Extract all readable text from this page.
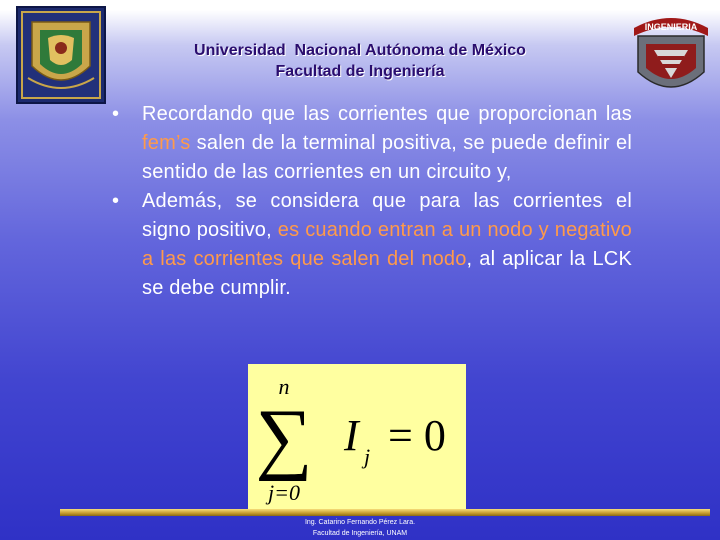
INGENIERIA
Universidad  Nacional Autónoma de México
Facultad de Ingeniería
•	Recordando que las corrientes que proporcionan las fem’s salen de la terminal positiva, se puede definir el sentido de las corrientes en un circuito y,
•	Además, se considera que para las corrientes el signo positivo, es cuando entran a un nodo y negativo a las corrientes que salen del nodo, al aplicar la LCK se debe cumplir.
n
∑
j=0
I j = 0
Ing. Catarino Fernando Pérez Lara.
Facultad de Ingeniería, UNAM
